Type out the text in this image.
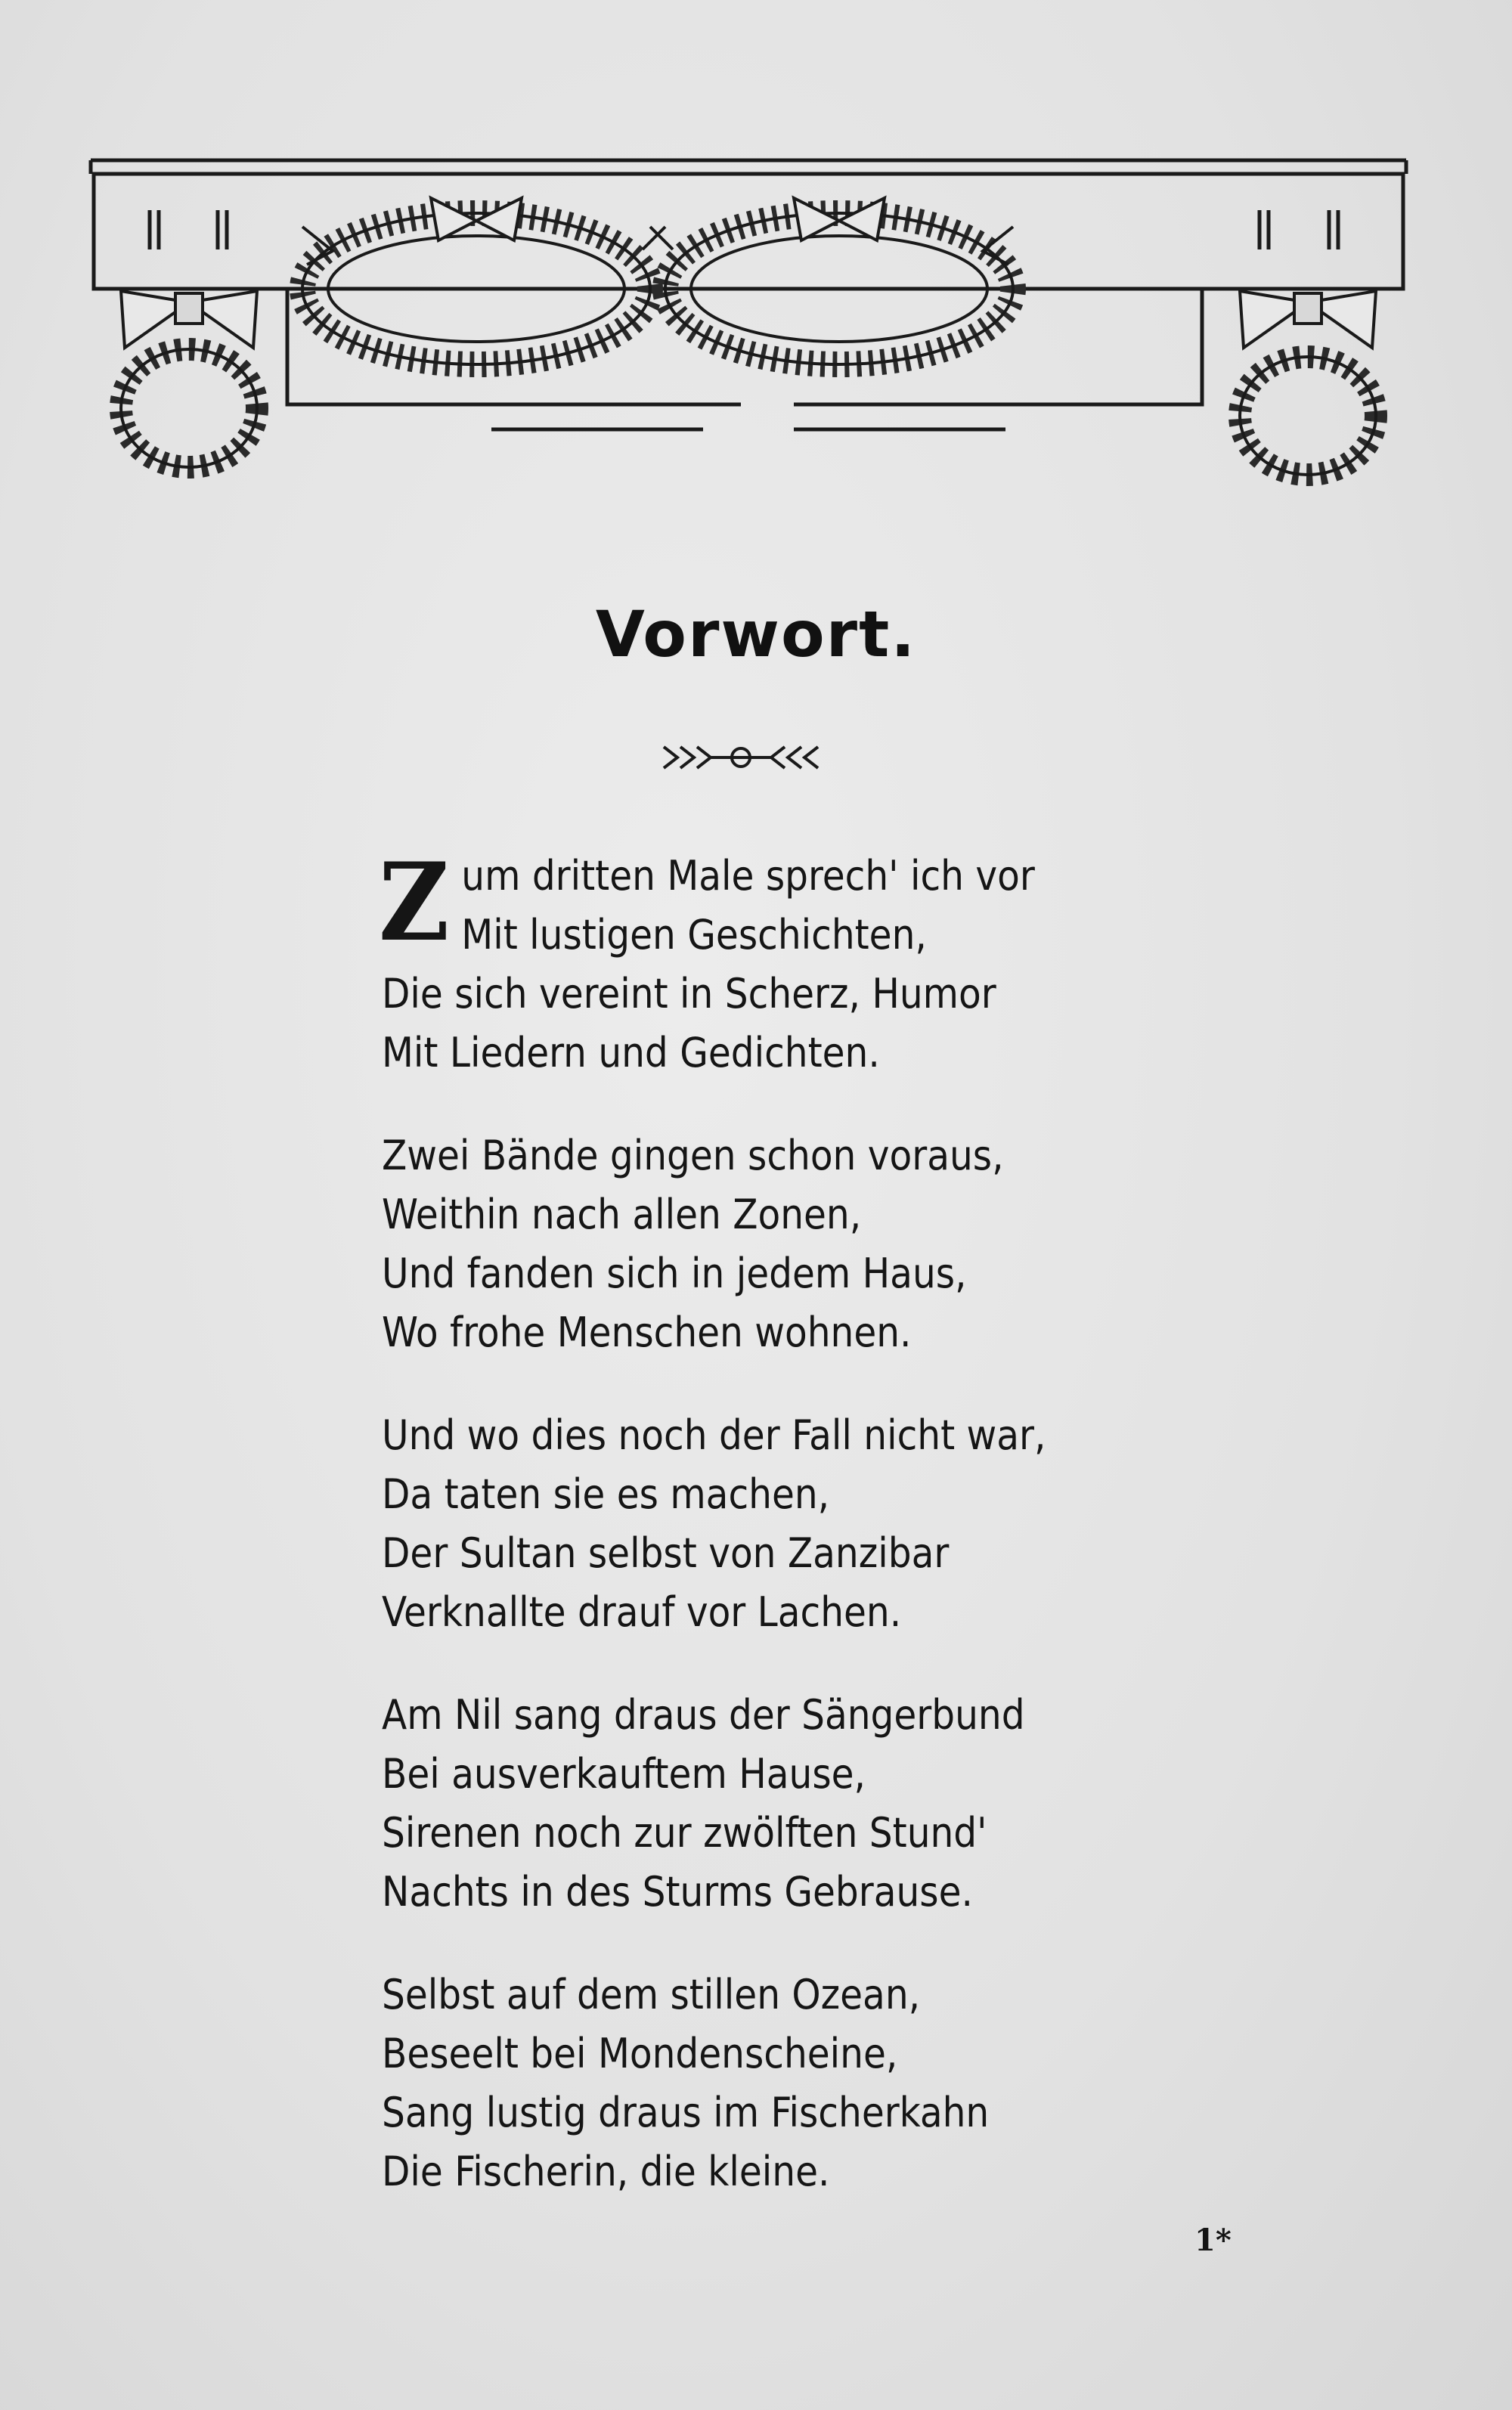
Vorwort.
Z um dritten Male sprech' ich vor
Mit lustigen Geschichten,
Die sich vereint in Scherz, Humor
Mit Liedern und Gedichten.
Zwei Bände gingen schon voraus,
Weithin nach allen Zonen,
Und fanden sich in jedem Haus,
Wo frohe Menschen wohnen.
Und wo dies noch der Fall nicht war,
Da taten sie es machen,
Der Sultan selbst von Zanzibar
Verknallte drauf vor Lachen.
Am Nil sang draus der Sängerbund
Bei ausverkauftem Hause,
Sirenen noch zur zwölften Stund'
Nachts in des Sturms Gebrause.
Selbst auf dem stillen Ozean,
Beseelt bei Mondenscheine,
Sang lustig draus im Fischerkahn
Die Fischerin, die kleine.
1*
